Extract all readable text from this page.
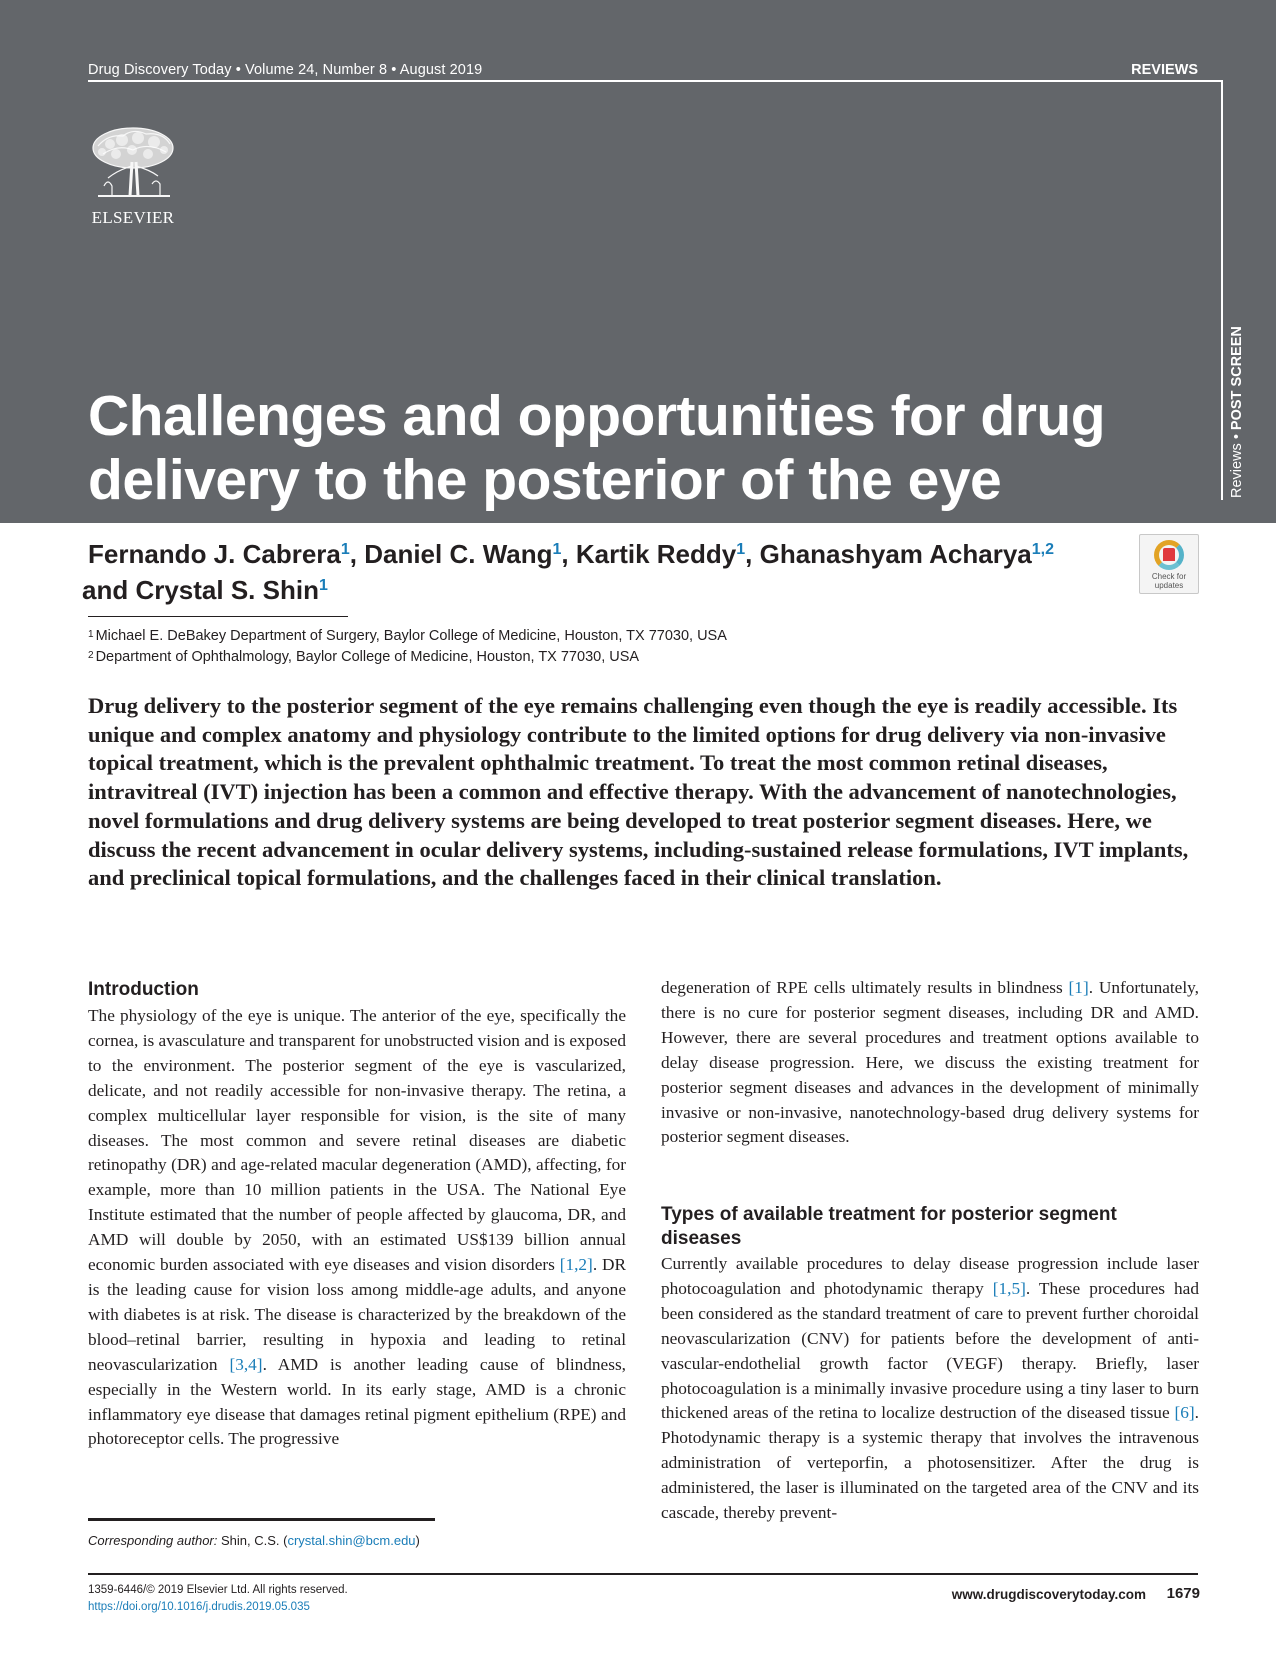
Drug Discovery Today • Volume 24, Number 8 • August 2019	REVIEWS
Reviews • POST SCREEN
ELSEVIER
Challenges and opportunities for drug delivery to the posterior of the eye
Fernando J. Cabrera$^1$, Daniel C. Wang$^1$, Kartik Reddy$^1$, Ghanashyam Acharya$^{1,2}$
and Crystal S. Shin$^1$
Check for updates
$^1$ Michael E. DeBakey Department of Surgery, Baylor College of Medicine, Houston, TX 77030, USA
$^2$ Department of Ophthalmology, Baylor College of Medicine, Houston, TX 77030, USA
Drug delivery to the posterior segment of the eye remains challenging even though the eye is readily accessible. Its unique and complex anatomy and physiology contribute to the limited options for drug delivery via non-invasive topical treatment, which is the prevalent ophthalmic treatment. To treat the most common retinal diseases, intravitreal (IVT) injection has been a common and effective therapy. With the advancement of nanotechnologies, novel formulations and drug delivery systems are being developed to treat posterior segment diseases. Here, we discuss the recent advancement in ocular delivery systems, including-sustained release formulations, IVT implants, and preclinical topical formulations, and the challenges faced in their clinical translation.
Introduction
The physiology of the eye is unique. The anterior of the eye, specifically the cornea, is avasculature and transparent for unobstructed vision and is exposed to the environment. The posterior segment of the eye is vascularized, delicate, and not readily accessible for non-invasive therapy. The retina, a complex multicellular layer responsible for vision, is the site of many diseases. The most common and severe retinal diseases are diabetic retinopathy (DR) and age-related macular degeneration (AMD), affecting, for example, more than 10 million patients in the USA. The National Eye Institute estimated that the number of people affected by glaucoma, DR, and AMD will double by 2050, with an estimated US$139 billion annual economic burden associated with eye diseases and vision disorders [1,2]. DR is the leading cause for vision loss among middle-age adults, and anyone with diabetes is at risk. The disease is characterized by the breakdown of the blood–retinal barrier, resulting in hypoxia and leading to retinal neovascularization [3,4]. AMD is another leading cause of blindness, especially in the Western world. In its early stage, AMD is a chronic inflammatory eye disease that damages retinal pigment epithelium (RPE) and photoreceptor cells. The progressive
degeneration of RPE cells ultimately results in blindness [1]. Unfortunately, there is no cure for posterior segment diseases, including DR and AMD. However, there are several procedures and treatment options available to delay disease progression. Here, we discuss the existing treatment for posterior segment diseases and advances in the development of minimally invasive or non-invasive, nanotechnology-based drug delivery systems for posterior segment diseases.
Types of available treatment for posterior segment diseases
Currently available procedures to delay disease progression include laser photocoagulation and photodynamic therapy [1,5]. These procedures had been considered as the standard treatment of care to prevent further choroidal neovascularization (CNV) for patients before the development of anti-vascular-endothelial growth factor (VEGF) therapy. Briefly, laser photocoagulation is a minimally invasive procedure using a tiny laser to burn thickened areas of the retina to localize destruction of the diseased tissue [6]. Photodynamic therapy is a systemic therapy that involves the intravenous administration of verteporfin, a photosensitizer. After the drug is administered, the laser is illuminated on the targeted area of the CNV and its cascade, thereby prevent-
Corresponding author: Shin, C.S. (crystal.shin@bcm.edu)
1359-6446/© 2019 Elsevier Ltd. All rights reserved.
https://doi.org/10.1016/j.drudis.2019.05.035
www.drugdiscoverytoday.com	1679
